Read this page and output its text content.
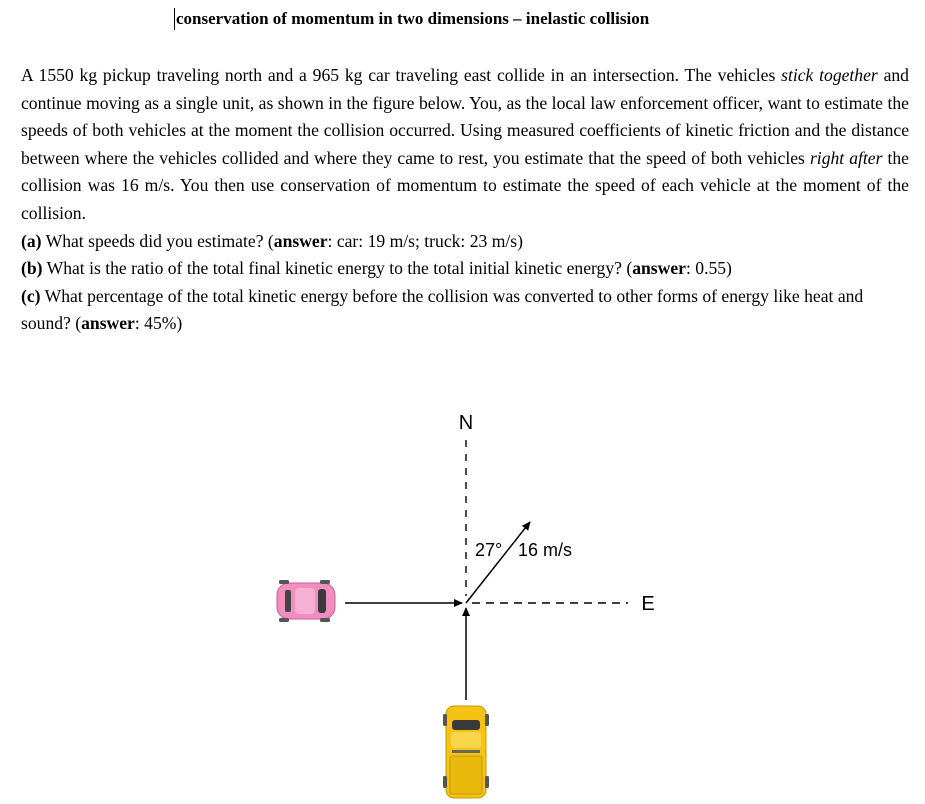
conservation of momentum in two dimensions – inelastic collision

A 1550 kg pickup traveling north and a 965 kg car traveling east collide in an intersection. The vehicles stick together and continue moving as a single unit, as shown in the figure below. You, as the local law enforcement officer, want to estimate the speeds of both vehicles at the moment the collision occurred. Using measured coefficients of kinetic friction and the distance between where the vehicles collided and where they came to rest, you estimate that the speed of both vehicles right after the collision was 16 m/s. You then use conservation of momentum to estimate the speed of each vehicle at the moment of the collision.

(a) What speeds did you estimate? (answer: car: 19 m/s; truck: 23 m/s)

(b) What is the ratio of the total final kinetic energy to the total initial kinetic energy? (answer: 0.55)

(c) What percentage of the total kinetic energy before the collision was converted to other forms of energy like heat and sound? (answer: 45%)

N
E
27° 16 m/s
